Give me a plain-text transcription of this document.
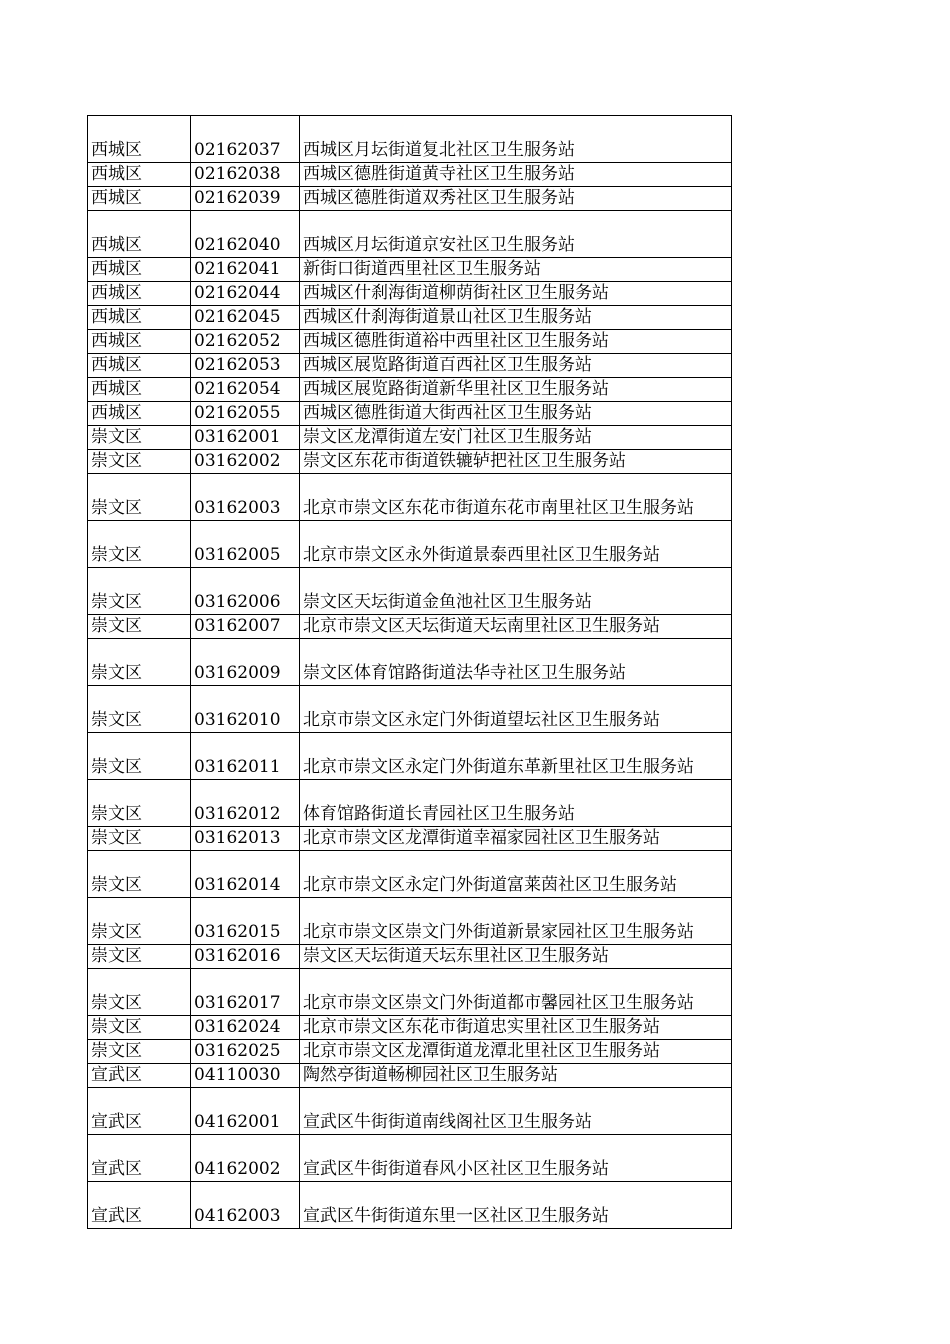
西城区	02162037	西城区月坛街道复北社区卫生服务站
西城区	02162038	西城区德胜街道黄寺社区卫生服务站
西城区	02162039	西城区德胜街道双秀社区卫生服务站
西城区	02162040	西城区月坛街道京安社区卫生服务站
西城区	02162041	新街口街道西里社区卫生服务站
西城区	02162044	西城区什刹海街道柳荫街社区卫生服务站
西城区	02162045	西城区什刹海街道景山社区卫生服务站
西城区	02162052	西城区德胜街道裕中西里社区卫生服务站
西城区	02162053	西城区展览路街道百西社区卫生服务站
西城区	02162054	西城区展览路街道新华里社区卫生服务站
西城区	02162055	西城区德胜街道大街西社区卫生服务站
崇文区	03162001	崇文区龙潭街道左安门社区卫生服务站
崇文区	03162002	崇文区东花市街道铁辘轳把社区卫生服务站
崇文区	03162003	北京市崇文区东花市街道东花市南里社区卫生服务站
崇文区	03162005	北京市崇文区永外街道景泰西里社区卫生服务站
崇文区	03162006	崇文区天坛街道金鱼池社区卫生服务站
崇文区	03162007	北京市崇文区天坛街道天坛南里社区卫生服务站
崇文区	03162009	崇文区体育馆路街道法华寺社区卫生服务站
崇文区	03162010	北京市崇文区永定门外街道望坛社区卫生服务站
崇文区	03162011	北京市崇文区永定门外街道东革新里社区卫生服务站
崇文区	03162012	体育馆路街道长青园社区卫生服务站
崇文区	03162013	北京市崇文区龙潭街道幸福家园社区卫生服务站
崇文区	03162014	北京市崇文区永定门外街道富莱茵社区卫生服务站
崇文区	03162015	北京市崇文区崇文门外街道新景家园社区卫生服务站
崇文区	03162016	崇文区天坛街道天坛东里社区卫生服务站
崇文区	03162017	北京市崇文区崇文门外街道都市馨园社区卫生服务站
崇文区	03162024	北京市崇文区东花市街道忠实里社区卫生服务站
崇文区	03162025	北京市崇文区龙潭街道龙潭北里社区卫生服务站
宣武区	04110030	陶然亭街道畅柳园社区卫生服务站
宣武区	04162001	宣武区牛街街道南线阁社区卫生服务站
宣武区	04162002	宣武区牛街街道春风小区社区卫生服务站
宣武区	04162003	宣武区牛街街道东里一区社区卫生服务站
